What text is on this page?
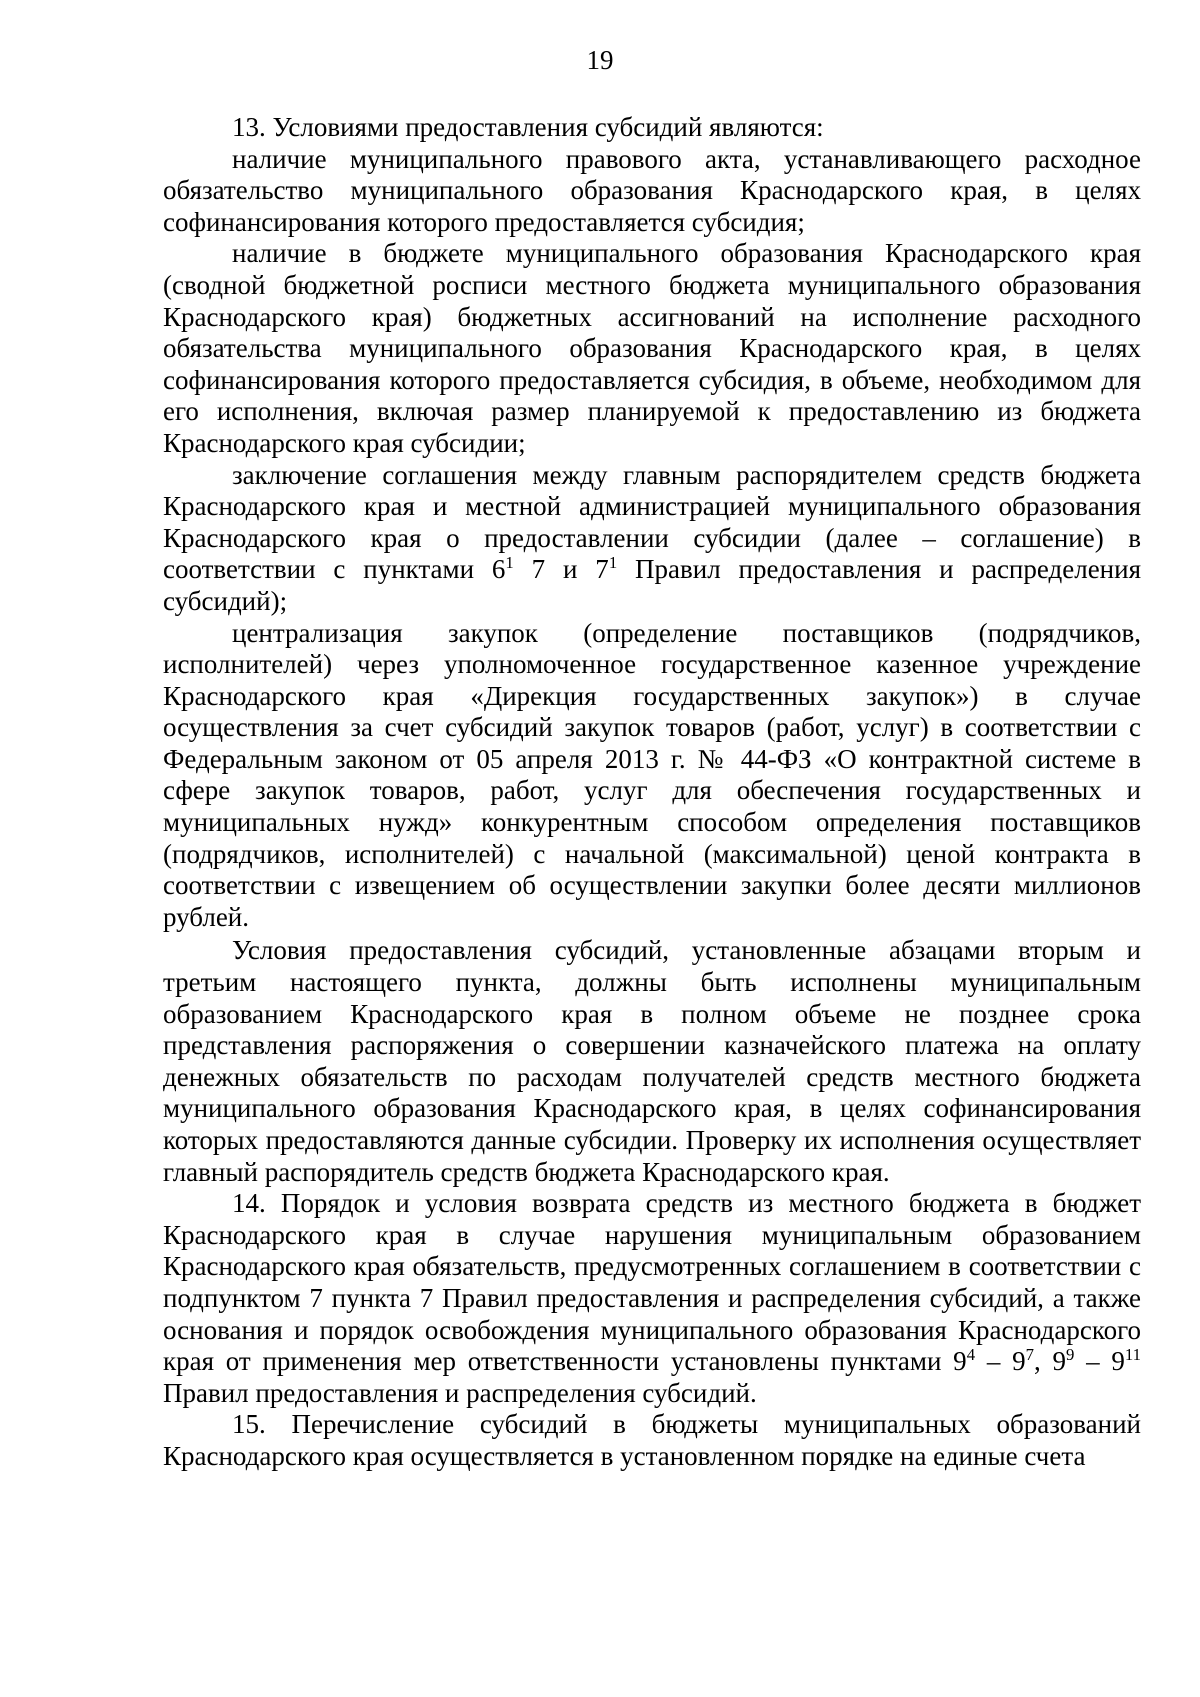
19

13. Условиями предоставления субсидий являются:

наличие муниципального правового акта, устанавливающего расходное обязательство муниципального образования Краснодарского края, в целях софинансирования которого предоставляется субсидия;

наличие в бюджете муниципального образования Краснодарского края (сводной бюджетной росписи местного бюджета муниципального образования Краснодарского края) бюджетных ассигнований на исполнение расходного обязательства муниципального образования Краснодарского края, в целях софинансирования которого предоставляется субсидия, в объеме, необходимом для его исполнения, включая размер планируемой к предоставлению из бюджета Краснодарского края субсидии;

заключение соглашения между главным распорядителем средств бюджета Краснодарского края и местной администрацией муниципального образования Краснодарского края о предоставлении субсидии (далее – соглашение) в соответствии с пунктами $6^1$ 7 и $7^1$ Правил предоставления и распределения субсидий);

централизация закупок (определение поставщиков (подрядчиков, исполнителей) через уполномоченное государственное казенное учреждение Краснодарского края «Дирекция государственных закупок») в случае осуществления за счет субсидий закупок товаров (работ, услуг) в соответствии с Федеральным законом от 05 апреля 2013 г. № 44-ФЗ «О контрактной системе в сфере закупок товаров, работ, услуг для обеспечения государственных и муниципальных нужд» конкурентным способом определения поставщиков (подрядчиков, исполнителей) с начальной (максимальной) ценой контракта в соответствии с извещением об осуществлении закупки более десяти миллионов рублей.

Условия предоставления субсидий, установленные абзацами вторым и третьим настоящего пункта, должны быть исполнены муниципальным образованием Краснодарского края в полном объеме не позднее срока представления распоряжения о совершении казначейского платежа на оплату денежных обязательств по расходам получателей средств местного бюджета муниципального образования Краснодарского края, в целях софинансирования которых предоставляются данные субсидии. Проверку их исполнения осуществляет главный распорядитель средств бюджета Краснодарского края.

14. Порядок и условия возврата средств из местного бюджета в бюджет Краснодарского края в случае нарушения муниципальным образованием Краснодарского края обязательств, предусмотренных соглашением в соответствии с подпунктом 7 пункта 7 Правил предоставления и распределения субсидий, а также основания и порядок освобождения муниципального образования Краснодарского края от применения мер ответственности установлены пунктами $9^4 - 9^7$, $9^9 - 9^{11}$ Правил предоставления и распределения субсидий.

15. Перечисление субсидий в бюджеты муниципальных образований Краснодарского края осуществляется в установленном порядке на единые счета
